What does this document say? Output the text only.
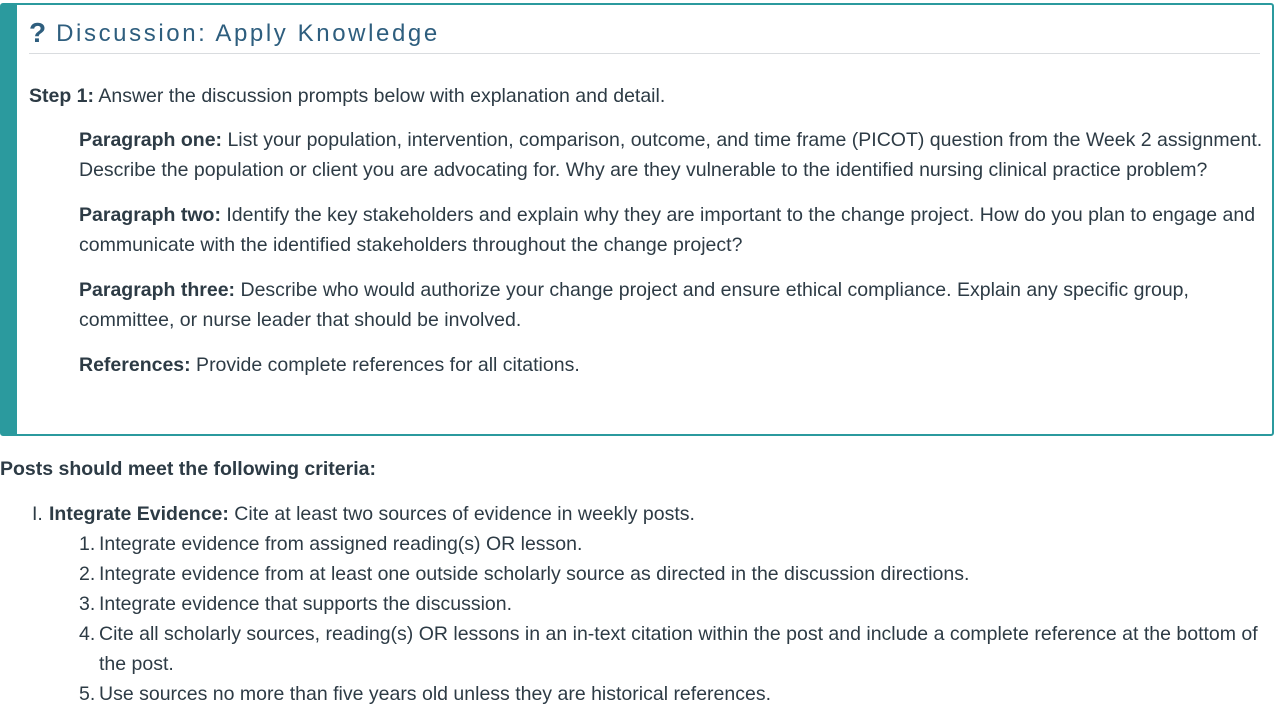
? Discussion: Apply Knowledge
Step 1: Answer the discussion prompts below with explanation and detail.

Paragraph one: List your population, intervention, comparison, outcome, and time frame (PICOT) question from the Week 2 assignment. Describe the population or client you are advocating for. Why are they vulnerable to the identified nursing clinical practice problem?

Paragraph two: Identify the key stakeholders and explain why they are important to the change project. How do you plan to engage and communicate with the identified stakeholders throughout the change project?

Paragraph three: Describe who would authorize your change project and ensure ethical compliance. Explain any specific group, committee, or nurse leader that should be involved.

References: Provide complete references for all citations.

Posts should meet the following criteria:
I. Integrate Evidence: Cite at least two sources of evidence in weekly posts.
1. Integrate evidence from assigned reading(s) OR lesson.
2. Integrate evidence from at least one outside scholarly source as directed in the discussion directions.
3. Integrate evidence that supports the discussion.
4. Cite all scholarly sources, reading(s) OR lessons in an in-text citation within the post and include a complete reference at the bottom of the post.
5. Use sources no more than five years old unless they are historical references.
